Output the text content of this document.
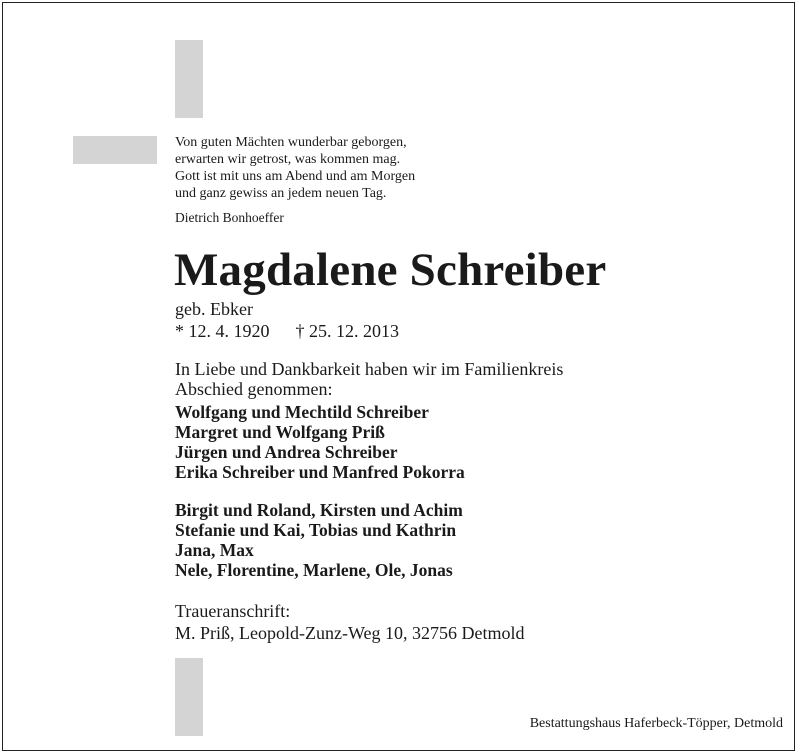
Von guten Mächten wunderbar geborgen,
erwarten wir getrost, was kommen mag.
Gott ist mit uns am Abend und am Morgen
und ganz gewiss an jedem neuen Tag.
Dietrich Bonhoeffer
Magdalene Schreiber
geb. Ebker
* 12. 4. 1920 † 25. 12. 2013
In Liebe und Dankbarkeit haben wir im Familienkreis
Abschied genommen:
Wolfgang und Mechtild Schreiber
Margret und Wolfgang Priß
Jürgen und Andrea Schreiber
Erika Schreiber und Manfred Pokorra
Birgit und Roland, Kirsten und Achim
Stefanie und Kai, Tobias und Kathrin
Jana, Max
Nele, Florentine, Marlene, Ole, Jonas
Traueranschrift:
M. Priß, Leopold-Zunz-Weg 10, 32756 Detmold
Bestattungshaus Haferbeck-Töpper, Detmold
